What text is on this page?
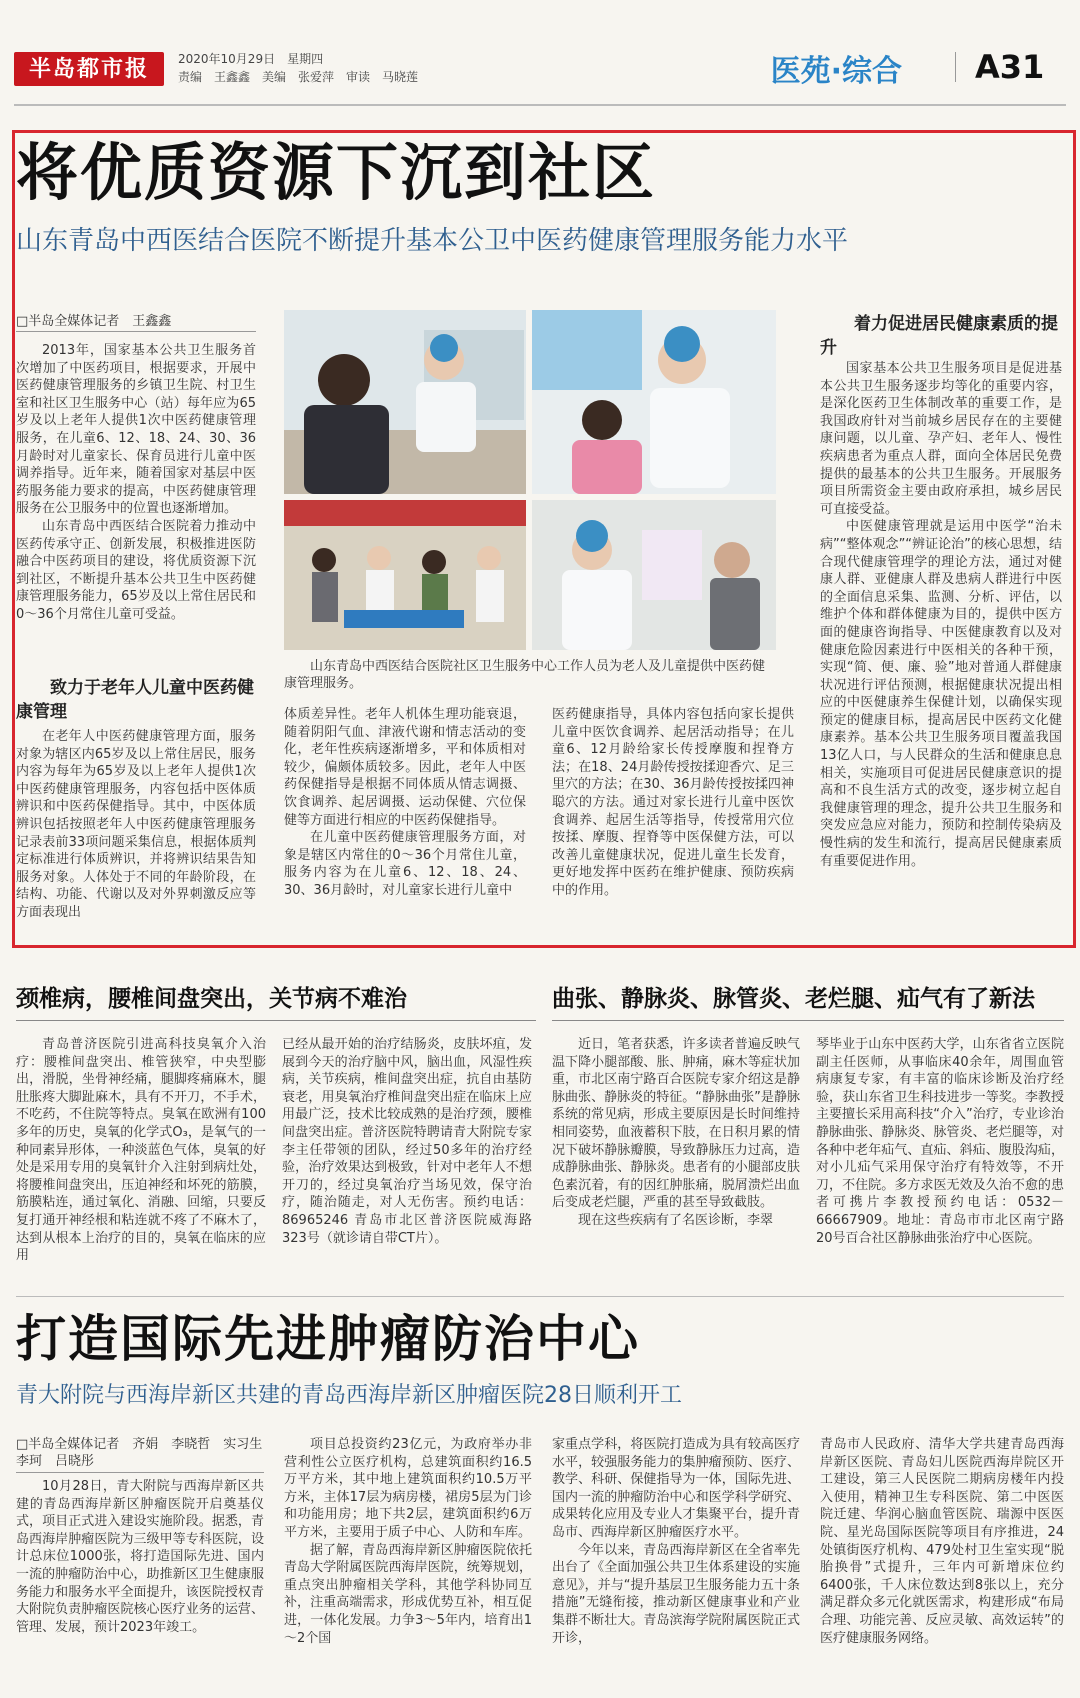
半岛都市报	2020年10月29日　星期四
责编　王鑫鑫　美编　张爱萍　审读　马晓莲	医苑·综合 A31
将优质资源下沉到社区
山东青岛中西医结合医院不断提升基本公卫中医药健康管理服务能力水平
□半岛全媒体记者　王鑫鑫

2013年，国家基本公共卫生服务首次增加了中医药项目，根据要求，开展中医药健康管理服务的乡镇卫生院、村卫生室和社区卫生服务中心（站）每年应为65岁及以上老年人提供1次中医药健康管理服务，在儿童6、12、18、24、30、36月龄时对儿童家长、保育员进行儿童中医调养指导。近年来，随着国家对基层中医药服务能力要求的提高，中医药健康管理服务在公卫服务中的位置也逐渐增加。

山东青岛中西医结合医院着力推动中医药传承守正、创新发展，积极推进医防融合中医药项目的建设，将优质资源下沉到社区，不断提升基本公共卫生中医药健康管理服务能力，65岁及以上常住居民和0～36个月常住儿童可受益。

致力于老年人儿童中医药健康管理

在老年人中医药健康管理方面，服务对象为辖区内65岁及以上常住居民，服务内容为每年为65岁及以上老年人提供1次中医药健康管理服务，内容包括中医体质辨识和中医药保健指导。其中，中医体质辨识包括按照老年人中医药健康管理服务记录表前33项问题采集信息，根据体质判定标准进行体质辨识，并将辨识结果告知服务对象。人体处于不同的年龄阶段，在结构、功能、代谢以及对外界刺激反应等方面表现出

山东青岛中西医结合医院社区卫生服务中心工作人员为老人及儿童提供中医药健康管理服务。

体质差异性。老年人机体生理功能衰退，随着阴阳气血、津液代谢和情志活动的变化，老年性疾病逐渐增多，平和体质相对较少，偏颇体质较多。因此，老年人中医药保健指导是根据不同体质从情志调摄、饮食调养、起居调摄、运动保健、穴位保健等方面进行相应的中医药保健指导。

在儿童中医药健康管理服务方面，对象是辖区内常住的0～36个月常住儿童，服务内容为在儿童6、12、18、24、30、36月龄时，对儿童家长进行儿童中

医药健康指导，具体内容包括向家长提供儿童中医饮食调养、起居活动指导；在儿童6、12月龄给家长传授摩腹和捏脊方法；在18、24月龄传授按揉迎香穴、足三里穴的方法；在30、36月龄传授按揉四神聪穴的方法。通过对家长进行儿童中医饮食调养、起居生活等指导，传授常用穴位按揉、摩腹、捏脊等中医保健方法，可以改善儿童健康状况，促进儿童生长发育，更好地发挥中医药在维护健康、预防疾病中的作用。

着力促进居民健康素质的提升

国家基本公共卫生服务项目是促进基本公共卫生服务逐步均等化的重要内容，是深化医药卫生体制改革的重要工作，是我国政府针对当前城乡居民存在的主要健康问题，以儿童、孕产妇、老年人、慢性疾病患者为重点人群，面向全体居民免费提供的最基本的公共卫生服务。开展服务项目所需资金主要由政府承担，城乡居民可直接受益。

中医健康管理就是运用中医学“治未病”“整体观念”“辨证论治”的核心思想，结合现代健康管理学的理论方法，通过对健康人群、亚健康人群及患病人群进行中医的全面信息采集、监测、分析、评估，以维护个体和群体健康为目的，提供中医方面的健康咨询指导、中医健康教育以及对健康危险因素进行中医相关的各种干预，实现“简、便、廉、验”地对普通人群健康状况进行评估预测，根据健康状况提出相应的中医健康养生保健计划，以确保实现预定的健康目标，提高居民中医药文化健康素养。基本公共卫生服务项目覆盖我国13亿人口，与人民群众的生活和健康息息相关，实施项目可促进居民健康意识的提高和不良生活方式的改变，逐步树立起自我健康管理的理念，提升公共卫生服务和突发应急应对能力，预防和控制传染病及慢性病的发生和流行，提高居民健康素质有重要促进作用。

颈椎病，腰椎间盘突出，关节病不难治

青岛普济医院引进高科技臭氧介入治疗：腰椎间盘突出、椎管狭窄，中央型膨出，滑脱，坐骨神经痛，腿脚疼痛麻木，腿肚胀疼大脚趾麻木，具有不开刀，不手术，不吃药，不住院等特点。臭氧在欧洲有100多年的历史，臭氧的化学式O₃，是氧气的一种同素异形体，一种淡蓝色气体，臭氧的好处是采用专用的臭氧针介入注射到病灶处，将腰椎间盘突出，压迫神经和坏死的筋膜，筋膜粘连，通过氧化、消融、回缩，只要反复打通开神经根和粘连就不疼了不麻木了，达到从根本上治疗的目的，臭氧在临床的应用

已经从最开始的治疗结肠炎，皮肤坏疽，发展到今天的治疗脑中风，脑出血，风湿性疾病，关节疾病，椎间盘突出症，抗自由基防衰老，用臭氧治疗椎间盘突出症在临床上应用最广泛，技术比较成熟的是治疗颈，腰椎间盘突出症。普济医院特聘请青大附院专家李主任带领的团队，经过50多年的治疗经验，治疗效果达到极致，针对中老年人不想开刀的，经过臭氧治疗当场见效，保守治疗，随治随走，对人无伤害。预约电话：86965246 青岛市北区普济医院威海路323号（就诊请自带CT片）。

曲张、静脉炎、脉管炎、老烂腿、疝气有了新法

近日，笔者获悉，许多读者普遍反映气温下降小腿部酸、胀、肿痛，麻木等症状加重，市北区南宁路百合医院专家介绍这是静脉曲张、静脉炎的特征。“静脉曲张”是静脉系统的常见病，形成主要原因是长时间维持相同姿势，血液蓄积下肢，在日积月累的情况下破坏静脉瓣膜，导致静脉压力过高，造成静脉曲张、静脉炎。患者有的小腿部皮肤色素沉着，有的因红肿胀痛，脱屑溃烂出血后变成老烂腿，严重的甚至导致截肢。

现在这些疾病有了名医诊断，李翠

琴毕业于山东中医药大学，山东省省立医院副主任医师，从事临床40余年，周围血管病康复专家，有丰富的临床诊断及治疗经验，获山东省卫生科技进步一等奖。李教授主要擅长采用高科技“介入”治疗，专业诊治静脉曲张、静脉炎、脉管炎、老烂腿等，对各种中老年疝气、直疝、斜疝、腹股沟疝，对小儿疝气采用保守治疗有特效等，不开刀，不住院。多方求医无效及久治不愈的患者可携片李教授预约电话：0532－66667909。地址：青岛市市北区南宁路20号百合社区静脉曲张治疗中心医院。

打造国际先进肿瘤防治中心
青大附院与西海岸新区共建的青岛西海岸新区肿瘤医院28日顺利开工
□半岛全媒体记者　齐娟　李晓哲　实习生　李珂　吕晓彤

10月28日，青大附院与西海岸新区共建的青岛西海岸新区肿瘤医院开启奠基仪式，项目正式进入建设实施阶段。据悉，青岛西海岸肿瘤医院为三级甲等专科医院，设计总床位1000张，将打造国际先进、国内一流的肿瘤防治中心，助推新区卫生健康服务能力和服务水平全面提升，该医院授权青大附院负责肿瘤医院核心医疗业务的运营、管理、发展，预计2023年竣工。

项目总投资约23亿元，为政府举办非营利性公立医疗机构，总建筑面积约16.5万平方米，其中地上建筑面积约10.5万平方米，主体17层为病房楼，裙房5层为门诊和功能用房；地下共2层，建筑面积约6万平方米，主要用于质子中心、人防和车库。

据了解，青岛西海岸新区肿瘤医院依托青岛大学附属医院西海岸医院，统筹规划，重点突出肿瘤相关学科，其他学科协同互补，注重高端需求，形成优势互补，相互促进，一体化发展。力争3～5年内，培育出1～2个国

家重点学科，将医院打造成为具有较高医疗水平，较强服务能力的集肿瘤预防、医疗、教学、科研、保健指导为一体，国际先进、国内一流的肿瘤防治中心和医学科学研究、成果转化应用及专业人才集聚平台，提升青岛市、西海岸新区肿瘤医疗水平。

今年以来，青岛西海岸新区在全省率先出台了《全面加强公共卫生体系建设的实施意见》，并与“提升基层卫生服务能力五十条措施”无缝衔接，推动新区健康事业和产业集群不断壮大。青岛滨海学院附属医院正式开诊，

青岛市人民政府、清华大学共建青岛西海岸新区医院、青岛妇儿医院西海岸院区开工建设，第三人民医院二期病房楼年内投入使用，精神卫生专科医院、第二中医医院迁建、华润心脑血管医院、瑞源中医医院、星光岛国际医院等项目有序推进，24处镇街医疗机构、479处村卫生室实现“脱胎换骨”式提升，三年内可新增床位约6400张，千人床位数达到8张以上，充分满足群众多元化就医需求，构建形成“布局合理、功能完善、反应灵敏、高效运转”的医疗健康服务网络。
